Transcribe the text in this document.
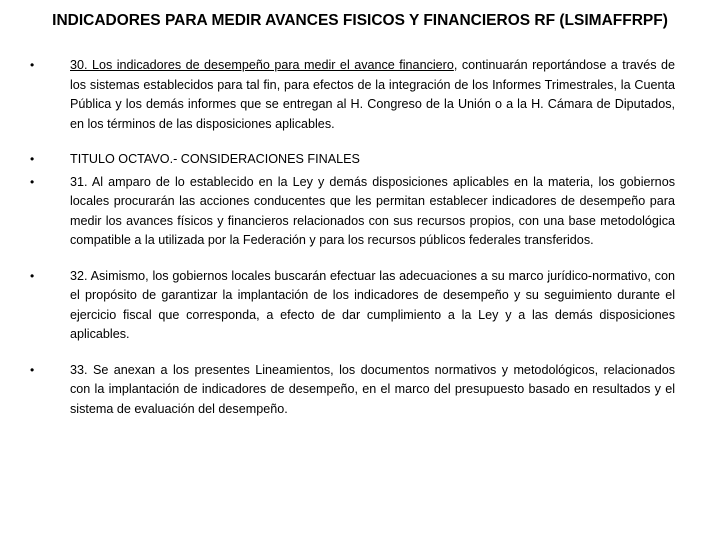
INDICADORES PARA MEDIR AVANCES FISICOS Y FINANCIEROS RF (LSIMAFFRPF)
•	30. Los indicadores de desempeño para medir el avance financiero, continuarán reportándose a través de los sistemas establecidos para tal fin, para efectos de la integración de los Informes Trimestrales, la Cuenta Pública y los demás informes que se entregan al H. Congreso de la Unión o a la H. Cámara de Diputados, en los términos de las disposiciones aplicables.
•	TITULO OCTAVO.- CONSIDERACIONES FINALES
•	31. Al amparo de lo establecido en la Ley y demás disposiciones aplicables en la materia, los gobiernos locales procurarán las acciones conducentes que les permitan establecer indicadores de desempeño para medir los avances físicos y financieros relacionados con sus recursos propios, con una base metodológica compatible a la utilizada por la Federación y para los recursos públicos federales transferidos.
•	32. Asimismo, los gobiernos locales buscarán efectuar las adecuaciones a su marco jurídico-normativo, con el propósito de garantizar la implantación de los indicadores de desempeño y su seguimiento durante el ejercicio fiscal que corresponda, a efecto de dar cumplimiento a la Ley y a las demás disposiciones aplicables.
•	33. Se anexan a los presentes Lineamientos, los documentos normativos y metodológicos, relacionados con la implantación de indicadores de desempeño, en el marco del presupuesto basado en resultados y el sistema de evaluación del desempeño.
